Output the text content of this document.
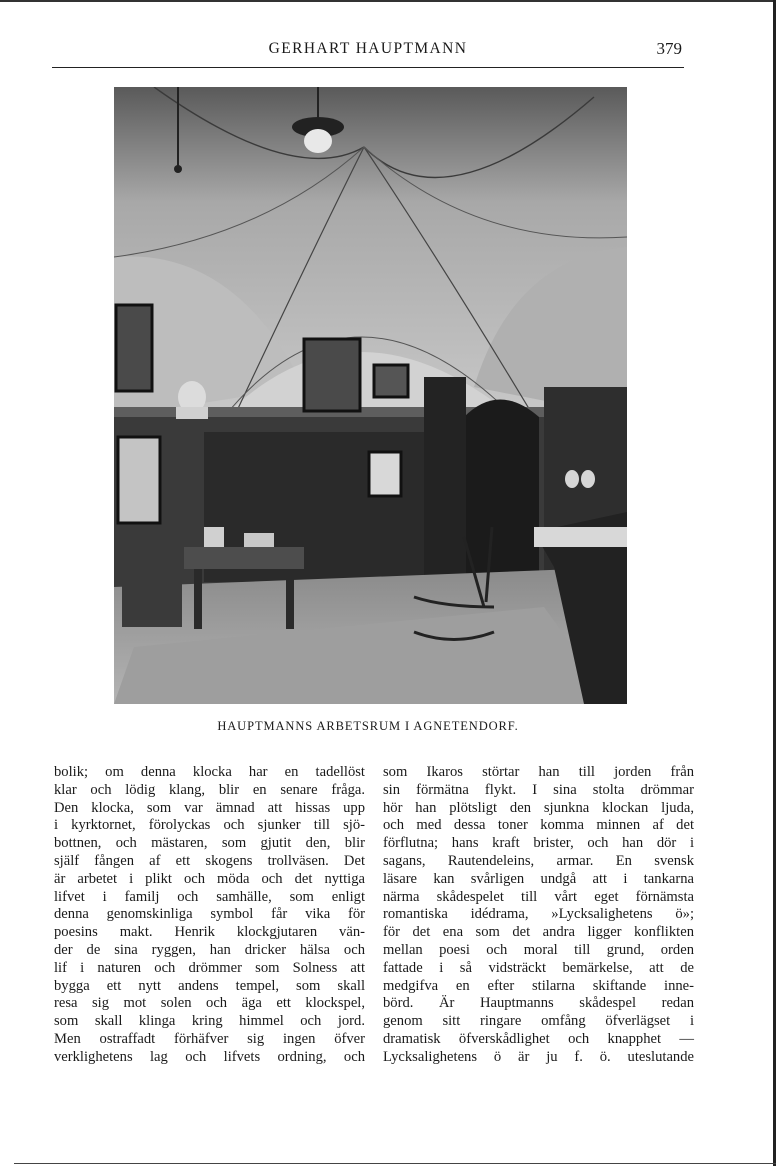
GERHART HAUPTMANN	379
HAUPTMANNS ARBETSRUM I AGNETENDORF.
bolik; om denna klocka har en tadellöst
klar och lödig klang, blir en senare fråga.
Den klocka, som var ämnad att hissas upp
i kyrktornet, förolyckas och sjunker till sjö-
bottnen, och mästaren, som gjutit den, blir
själf fången af ett skogens trollväsen. Det
är arbetet i plikt och möda och det nyttiga
lifvet i familj och samhälle, som enligt
denna genomskinliga symbol får vika för
poesins makt. Henrik klockgjutaren vän-
der de sina ryggen, han dricker hälsa och
lif i naturen och drömmer som Solness att
bygga ett nytt andens tempel, som skall
resa sig mot solen och äga ett klockspel,
som skall klinga kring himmel och jord.
Men ostraffadt förhäfver sig ingen öfver
verklighetens lag och lifvets ordning, och
som Ikaros störtar han till jorden från
sin förmätna flykt. I sina stolta drömmar
hör han plötsligt den sjunkna klockan ljuda,
och med dessa toner komma minnen af det
förflutna; hans kraft brister, och han dör i
sagans, Rautendeleins, armar. En svensk
läsare kan svårligen undgå att i tankarna
närma skådespelet till vårt eget förnämsta
romantiska idédrama, »Lycksalighetens ö»;
för det ena som det andra ligger konflikten
mellan poesi och moral till grund, orden
fattade i så vidsträckt bemärkelse, att de
medgifva en efter stilarna skiftande inne-
börd. Är Hauptmanns skådespel redan
genom sitt ringare omfång öfverlägset i
dramatisk öfverskådlighet och knapphet —
Lycksalighetens ö är ju f. ö. uteslutande
